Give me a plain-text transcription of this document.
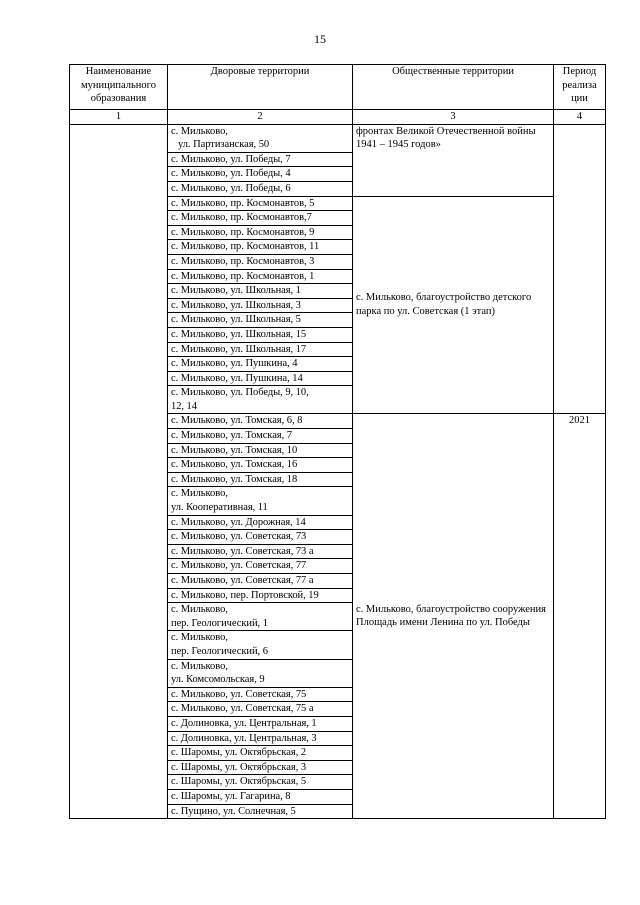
15
Наименование муниципального образования	Дворовые территории	Общественные территории	Период реализа ции
1	2	3	4

	с. Мильково,
ул. Партизанская, 50	фронтах Великой Отечественной войны 1941 – 1945 годов»	
	с. Мильково, ул. Победы, 7		
	с. Мильково, ул. Победы, 4		
	с. Мильково, ул. Победы, 6		
	с. Мильково, пр. Космонавтов, 5	с. Мильково, благоустройство детского парка по ул. Советская (1 этап)	
	с. Мильково, пр. Космонавтов,7		
	с. Мильково, пр. Космонавтов, 9		
	с. Мильково, пр. Космонавтов, 11		
	с. Мильково, пр. Космонавтов, 3		
	с. Мильково, пр. Космонавтов, 1		
	с. Мильково, ул. Школьная, 1		
	с. Мильково, ул. Школьная, 3		
	с. Мильково, ул. Школьная, 5		
	с. Мильково, ул. Школьная, 15		
	с. Мильково, ул. Школьная, 17		
	с. Мильково, ул. Пушкина, 4		
	с. Мильково, ул. Пушкина, 14		

	с. Мильково, ул. Победы, 9, 10,
12, 14		

	с. Мильково, ул. Томская, 6, 8	с. Мильково, благоустройство сооружения Площадь имени Ленина по ул. Победы	2021
	с. Мильково, ул. Томская, 7		
	с. Мильково, ул. Томская, 10		
	с. Мильково, ул. Томская, 16		
	с. Мильково, ул. Томская, 18		

	с. Мильково,
ул. Кооперативная, 11		

	с. Мильково, ул. Дорожная, 14		
	с. Мильково, ул. Советская, 73		
	с. Мильково, ул. Советская, 73 а		
	с. Мильково, ул. Советская, 77		
	с. Мильково, ул. Советская, 77 а		
	с. Мильково, пер. Портовской, 19		

	с. Мильково,
пер. Геологический, 1		

	с. Мильково,
пер. Геологический, 6		

	с. Мильково,
ул. Комсомольская, 9		

	с. Мильково, ул. Советская, 75		
	с. Мильково, ул. Советская, 75 а		
	с. Долиновка, ул. Центральная, 1		
	с. Долиновка, ул. Центральная, 3		
	с. Шаромы, ул. Октябрьская, 2		
	с. Шаромы, ул. Октябрьская, 3		
	с. Шаромы, ул. Октябрьская, 5		
	с. Шаромы, ул. Гагарина, 8		
	с. Пущино, ул. Солнечная, 5		
